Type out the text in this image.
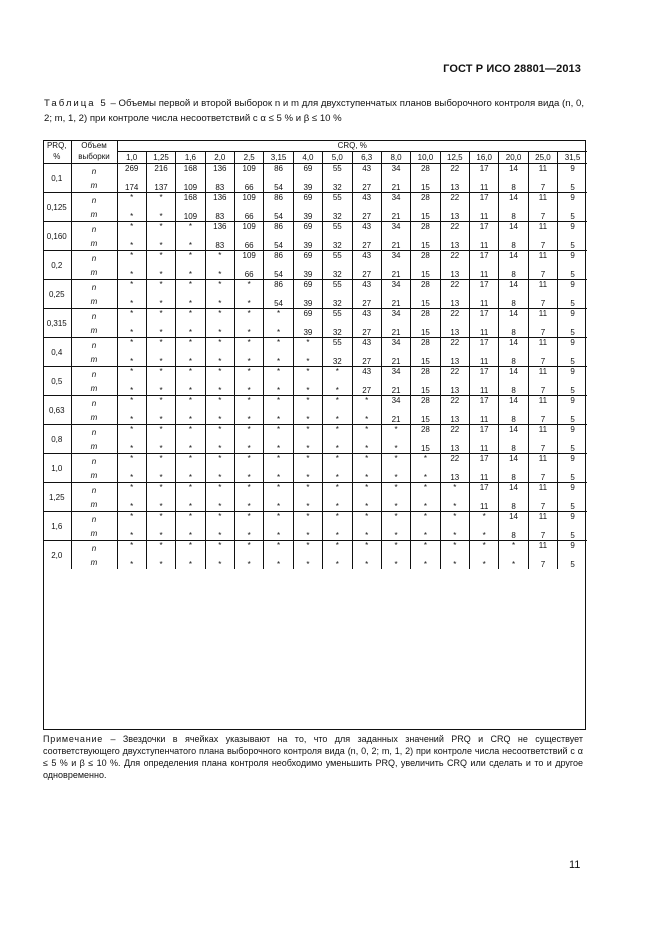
ГОСТ Р ИСО 28801—2013
Таблица 5 – Объемы первой и второй выборок n и m для двухступенчатых планов выборочного контроля вида (n, 0, 2; m, 1, 2) при контроле числа несоответствий с α ≤ 5 % и β ≤ 10 %
PRQ,	Объем	CRQ, %															
%	выборки	1,0	1,25	1,6	2,0	2,5	3,15	4,0	5,0	6,3	8,0	10,0	12,5	16,0	20,0	25,0	31,5
0,1	n	269	216	168	136	109	86	69	55	43	34	28	22	17	14	11	9
	m	174	137	109	83	66	54	39	32	27	21	15	13	11	8	7	5
0,125	n	*	*	168	136	109	86	69	55	43	34	28	22	17	14	11	9
	m	*	*	109	83	66	54	39	32	27	21	15	13	11	8	7	5
0,160	n	*	*	*	136	109	86	69	55	43	34	28	22	17	14	11	9
	m	*	*	*	83	66	54	39	32	27	21	15	13	11	8	7	5
0,2	n	*	*	*	*	109	86	69	55	43	34	28	22	17	14	11	9
	m	*	*	*	*	66	54	39	32	27	21	15	13	11	8	7	5
0,25	n	*	*	*	*	*	86	69	55	43	34	28	22	17	14	11	9
	m	*	*	*	*	*	54	39	32	27	21	15	13	11	8	7	5
0,315	n	*	*	*	*	*	*	69	55	43	34	28	22	17	14	11	9
	m	*	*	*	*	*	*	39	32	27	21	15	13	11	8	7	5
0,4	n	*	*	*	*	*	*	*	55	43	34	28	22	17	14	11	9
	m	*	*	*	*	*	*	*	32	27	21	15	13	11	8	7	5
0,5	n	*	*	*	*	*	*	*	*	43	34	28	22	17	14	11	9
	m	*	*	*	*	*	*	*	*	27	21	15	13	11	8	7	5
0,63	n	*	*	*	*	*	*	*	*	*	34	28	22	17	14	11	9
	m	*	*	*	*	*	*	*	*	*	21	15	13	11	8	7	5
0,8	n	*	*	*	*	*	*	*	*	*	*	28	22	17	14	11	9
	m	*	*	*	*	*	*	*	*	*	*	15	13	11	8	7	5
1,0	n	*	*	*	*	*	*	*	*	*	*	*	22	17	14	11	9
	m	*	*	*	*	*	*	*	*	*	*	*	13	11	8	7	5
1,25	n	*	*	*	*	*	*	*	*	*	*	*	*	17	14	11	9
	m	*	*	*	*	*	*	*	*	*	*	*	*	11	8	7	5
1,6	n	*	*	*	*	*	*	*	*	*	*	*	*	*	14	11	9
	m	*	*	*	*	*	*	*	*	*	*	*	*	*	8	7	5
2,0	n	*	*	*	*	*	*	*	*	*	*	*	*	*	*	11	9
	m	*	*	*	*	*	*	*	*	*	*	*	*	*	*	7	5
Примечание – Звездочки в ячейках указывают на то, что для заданных значений PRQ и CRQ не существует соответствующего двухступенчатого плана выборочного контроля вида (n, 0, 2; m, 1, 2) при контроле числа несоответствий с α ≤ 5 % и β ≤ 10 %. Для определения плана контроля необходимо уменьшить PRQ, увеличить CRQ или сделать и то и другое одновременно.
11
